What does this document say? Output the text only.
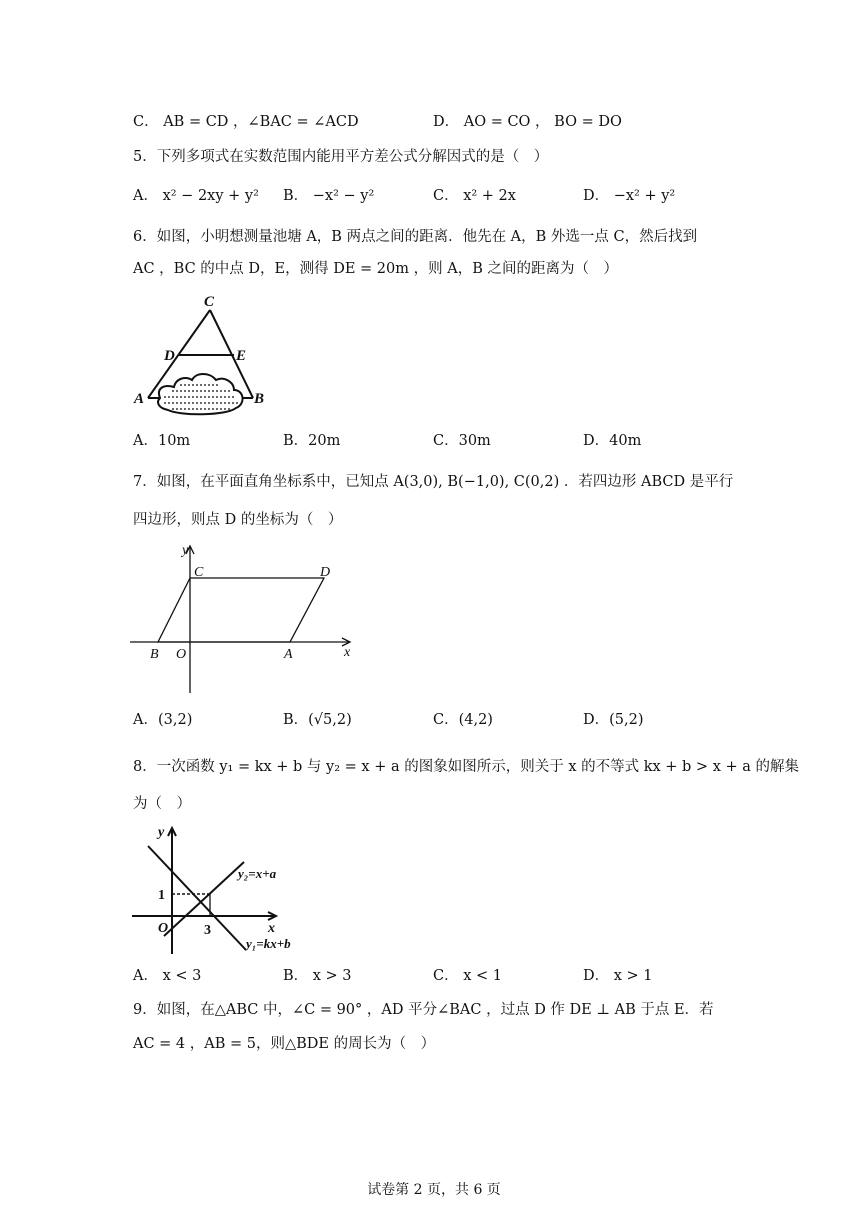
C． AB = CD ，∠BAC = ∠ACD	D． AO = CO ， BO = DO
5．下列多项式在实数范围内能用平方差公式分解因式的是（　）
A． x² − 2xy + y² B． −x² − y²	C． x² + 2x	D． −x² + y²
6．如图，小明想测量池塘 A，B 两点之间的距离．他先在 A，B 外选一点 C，然后找到
AC ，BC 的中点 D，E，测得 DE = 20m ，则 A，B 之间的距离为（　）
C
D	E
A	B
A．10m	B．20m	C．30m	D．40m
7．如图，在平面直角坐标系中，已知点 A(3,0), B(−1,0), C(0,2) ．若四边形 ABCD 是平行
四边形，则点 D 的坐标为（　）
y
x
C	D
B O	A
A．(3,2)	B．(√5,2)	C．(4,2)	D．(5,2)
8．一次函数 y₁ = kx + b 与 y₂ = x + a 的图象如图所示，则关于 x 的不等式 kx + b > x + a 的解集
为（　）
y
x
O
1
3
y₂=x+a
y₁=kx+b
A． x < 3	B． x > 3	C． x < 1	D． x > 1
9．如图，在△ABC 中，∠C = 90° ，AD 平分∠BAC ，过点 D 作 DE ⊥ AB 于点 E．若
AC = 4 ，AB = 5，则△BDE 的周长为（　）
试卷第 2 页，共 6 页
